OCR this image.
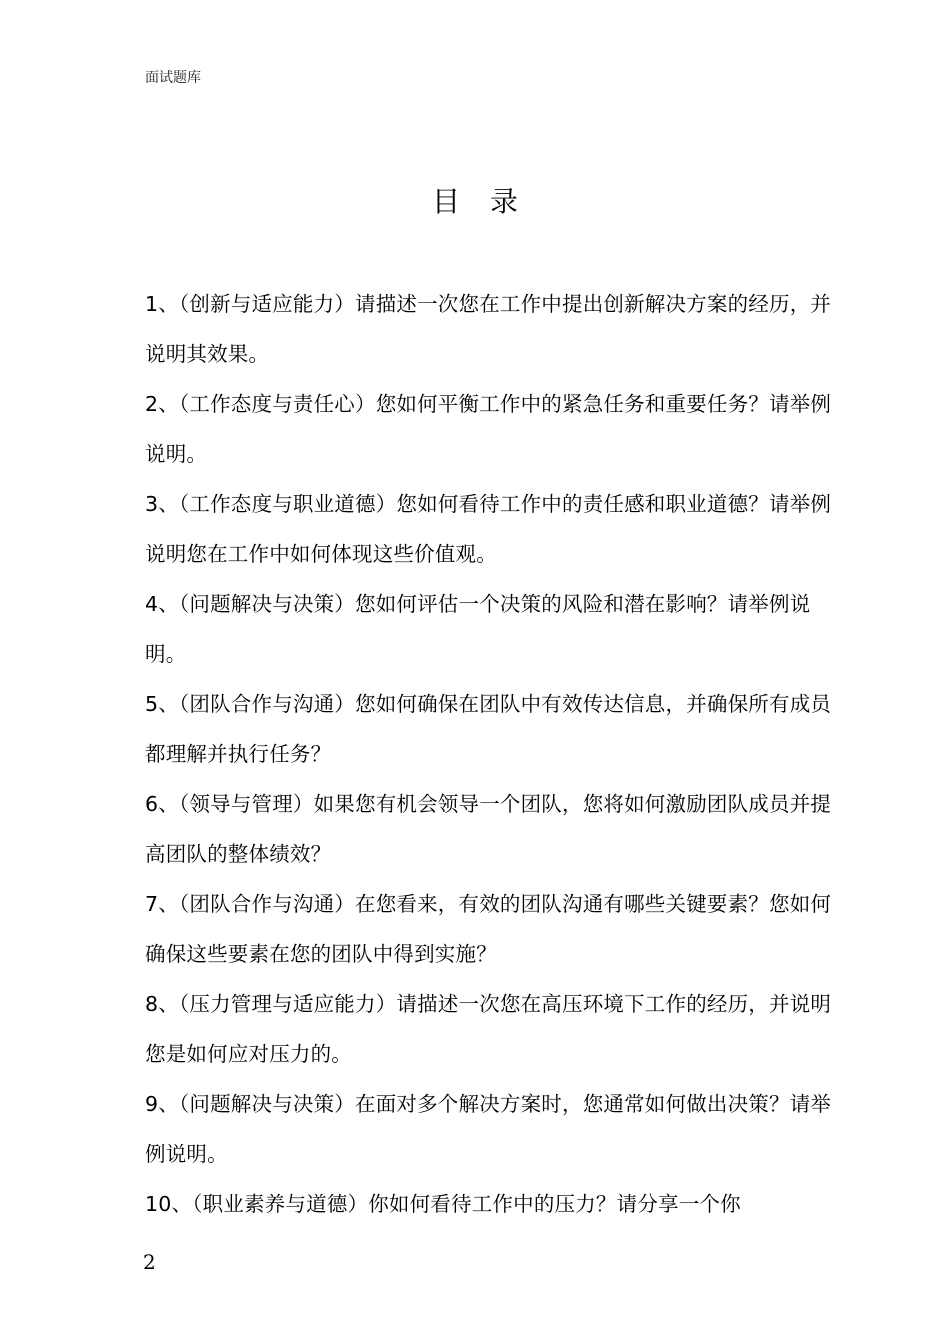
面试题库
目录
1、（创新与适应能力）请描述一次您在工作中提出创新解决方案的经历，并说明其效果。
2、（工作态度与责任心）您如何平衡工作中的紧急任务和重要任务？请举例说明。
3、（工作态度与职业道德）您如何看待工作中的责任感和职业道德？请举例说明您在工作中如何体现这些价值观。
4、（问题解决与决策）您如何评估一个决策的风险和潜在影响？请举例说明。
5、（团队合作与沟通）您如何确保在团队中有效传达信息，并确保所有成员都理解并执行任务？
6、（领导与管理）如果您有机会领导一个团队，您将如何激励团队成员并提高团队的整体绩效？
7、（团队合作与沟通）在您看来，有效的团队沟通有哪些关键要素？您如何确保这些要素在您的团队中得到实施？
8、（压力管理与适应能力）请描述一次您在高压环境下工作的经历，并说明您是如何应对压力的。
9、（问题解决与决策）在面对多个解决方案时，您通常如何做出决策？请举例说明。
10、（职业素养与道德）你如何看待工作中的压力？请分享一个你
2
